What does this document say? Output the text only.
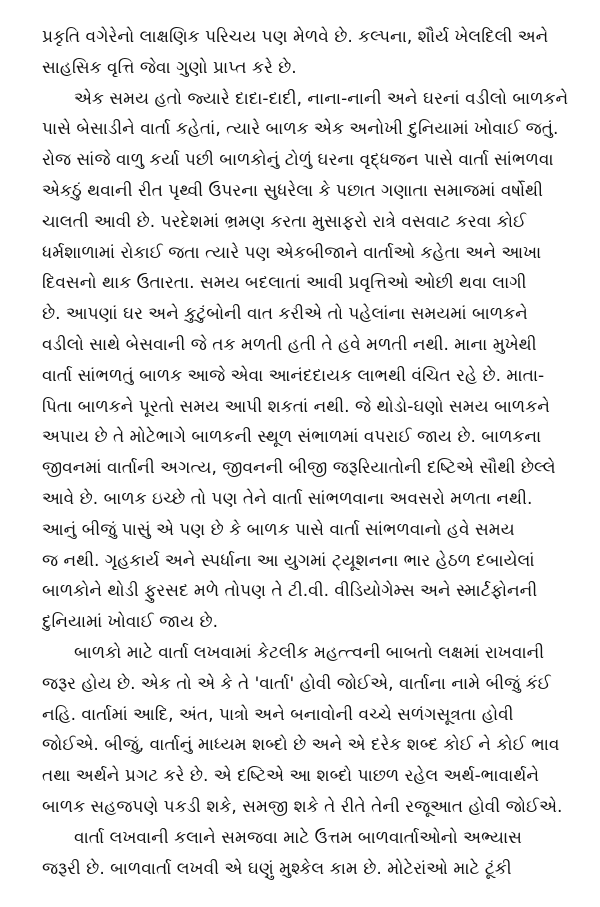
પ્રકૃતિ વગેરેનો લાક્ષણિક પરિચય પણ મેળવે છે. કલ્પના, શૌર્ય ખેલદિલી અને
સાહસિક વૃત્તિ જેવા ગુણો પ્રાપ્ત કરે છે.
એક સમય હતો જ્યારે દાદા-દાદી, નાના-નાની અને ઘરનાં વડીલો બાળકને
પાસે બેસાડીને વાર્તા કહેતાં, ત્યારે બાળક એક અનોખી દુનિયામાં ખોવાઈ જતું.
રોજ સાંજે વાળુ કર્યા પછી બાળકોનું ટોળું ઘરના વૃદ્ધજન પાસે વાર્તા સાંભળવા
એકઠું થવાની રીત પૃથ્વી ઉપરના સુધરેલા કે પછાત ગણાતા સમાજમાં વર્ષોથી
ચાલતી આવી છે. પરદેશમાં ભ્રમણ કરતા મુસાફરો રાત્રે વસવાટ કરવા કોઈ
ધર્મશાળામાં રોકાઈ જતા ત્યારે પણ એકબીજાને વાર્તાઓ કહેતા અને આખા
દિવસનો થાક ઉતારતા. સમય બદલાતાં આવી પ્રવૃત્તિઓ ઓછી થવા લાગી
છે. આપણાં ઘર અને કુટુંબોની વાત કરીએ તો પહેલાંના સમયમાં બાળકને
વડીલો સાથે બેસવાની જે તક મળતી હતી તે હવે મળતી નથી. માના મુખેથી
વાર્તા સાંભળતું બાળક આજે એવા આનંદદાયક લાભથી વંચિત રહે છે. માતા-
પિતા બાળકને પૂરતો સમય આપી શકતાં નથી. જે થોડો-ઘણો સમય બાળકને
અપાય છે તે મોટેભાગે બાળકની સ્થૂળ સંભાળમાં વપરાઈ જાય છે. બાળકના
જીવનમાં વાર્તાની અગત્ય, જીવનની બીજી જરૂરિયાતોની દષ્ટિએ સૌથી છેલ્લે
આવે છે. બાળક ઇચ્છે તો પણ તેને વાર્તા સાંભળવાના અવસરો મળતા નથી.
આનું બીજું પાસું એ પણ છે કે બાળક પાસે વાર્તા સાંભળવાનો હવે સમય
જ નથી. ગૃહકાર્ય અને સ્પર્ધાના આ યુગમાં ટ્યૂશનના ભાર હેઠળ દબાયેલાં
બાળકોને થોડી ફુરસદ મળે તોપણ તે ટી.વી. વીડિયોગેમ્સ અને સ્માર્ટફોનની
દુનિયામાં ખોવાઈ જાય છે.
બાળકો માટે વાર્તા લખવામાં કેટલીક મહત્ત્વની બાબતો લક્ષમાં રાખવાની
જરૂર હોય છે. એક તો એ કે તે 'વાર્તા' હોવી જોઈએ, વાર્તાના નામે બીજું કંઈ
નહિ. વાર્તામાં આદિ, અંત, પાત્રો અને બનાવોની વચ્ચે સળંગસૂત્રતા હોવી
જોઈએ. બીજું, વાર્તાનું માધ્યમ શબ્દો છે અને એ દરેક શબ્દ કોઈ ને કોઈ ભાવ
તથા અર્થને પ્રગટ કરે છે. એ દષ્ટિએ આ શબ્દો પાછળ રહેલ અર્થ-ભાવાર્થને
બાળક સહજપણે પકડી શકે, સમજી શકે તે રીતે તેની રજૂઆત હોવી જોઈએ.
વાર્તા લખવાની કલાને સમજવા માટે ઉત્તમ બાળવાર્તાઓનો અભ્યાસ
જરૂરી છે. બાળવાર્તા લખવી એ ઘણું મુશ્કેલ કામ છે. મોટેરાંઓ માટે ટૂંકી
